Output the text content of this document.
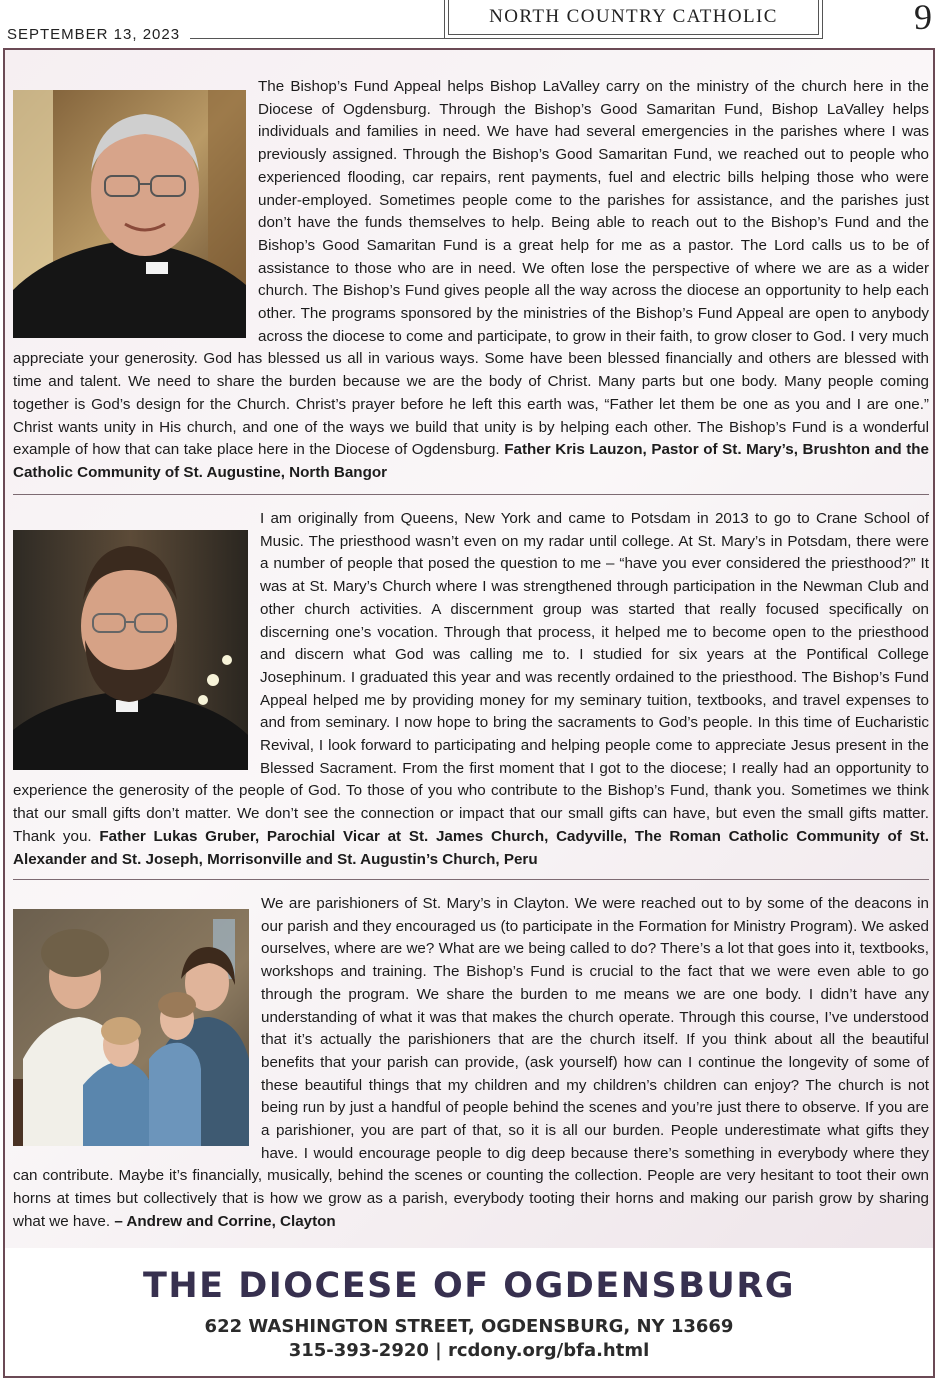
SEPTEMBER 13, 2023
NORTH COUNTRY CATHOLIC	9

The Bishop’s Fund Appeal helps Bishop LaValley carry on the ministry of the church here in the Diocese of Ogdensburg. Through the Bishop’s Good Samaritan Fund, Bishop LaValley helps individuals and families in need. We have had several emergencies in the parishes where I was previously assigned. Through the Bishop’s Good Samaritan Fund, we reached out to people who experienced flooding, car repairs, rent payments, fuel and electric bills helping those who were under-employed. Sometimes people come to the parishes for assistance, and the parishes just don’t have the funds themselves to help. Being able to reach out to the Bishop’s Fund and the Bishop’s Good Samaritan Fund is a great help for me as a pastor. The Lord calls us to be of assistance to those who are in need. We often lose the perspective of where we are as a wider church. The Bishop’s Fund gives people all the way across the diocese an opportunity to help each other. The programs sponsored by the ministries of the Bishop’s Fund Appeal are open to anybody across the diocese to come and participate, to grow in their faith, to grow closer to God. I very much appreciate your generosity. God has blessed us all in various ways. Some have been blessed financially and others are blessed with time and talent. We need to share the burden because we are the body of Christ. Many parts but one body. Many people coming together is God’s design for the Church. Christ’s prayer before he left this earth was, “Father let them be one as you and I are one.” Christ wants unity in His church, and one of the ways we build that unity is by helping each other. The Bishop’s Fund is a wonderful example of how that can take place here in the Diocese of Ogdensburg. Father Kris Lauzon, Pastor of St. Mary’s, Brushton and the Catholic Community of St. Augustine, North Bangor

I am originally from Queens, New York and came to Potsdam in 2013 to go to Crane School of Music. The priesthood wasn’t even on my radar until college. At St. Mary’s in Potsdam, there were a number of people that posed the question to me – “have you ever considered the priesthood?” It was at St. Mary’s Church where I was strengthened through participation in the Newman Club and other church activities. A discernment group was started that really focused specifically on discerning one’s vocation. Through that process, it helped me to become open to the priesthood and discern what God was calling me to. I studied for six years at the Pontifical College Josephinum. I graduated this year and was recently ordained to the priesthood. The Bishop’s Fund Appeal helped me by providing money for my seminary tuition, textbooks, and travel expenses to and from seminary. I now hope to bring the sacraments to God’s people. In this time of Eucharistic Revival, I look forward to participating and helping people come to appreciate Jesus present in the Blessed Sacrament. From the first moment that I got to the diocese; I really had an opportunity to experience the generosity of the people of God. To those of you who contribute to the Bishop’s Fund, thank you. Sometimes we think that our small gifts don’t matter. We don’t see the connection or impact that our small gifts can have, but even the small gifts matter. Thank you. Father Lukas Gruber, Parochial Vicar at St. James Church, Cadyville, The Roman Catholic Community of St. Alexander and St. Joseph, Morrisonville and St. Augustin’s Church, Peru

We are parishioners of St. Mary’s in Clayton. We were reached out to by some of the deacons in our parish and they encouraged us (to participate in the Formation for Ministry Program). We asked ourselves, where are we? What are we being called to do? There’s a lot that goes into it, textbooks, workshops and training. The Bishop’s Fund is crucial to the fact that we were even able to go through the program. We share the burden to me means we are one body. I didn’t have any understanding of what it was that makes the church operate. Through this course, I’ve understood that it’s actually the parishioners that are the church itself. If you think about all the beautiful benefits that your parish can provide, (ask yourself) how can I continue the longevity of some of these beautiful things that my children and my children’s children can enjoy? The church is not being run by just a handful of people behind the scenes and you’re just there to observe. If you are a parishioner, you are part of that, so it is all our burden. People underestimate what gifts they have. I would encourage people to dig deep because there’s something in everybody where they can contribute. Maybe it’s financially, musically, behind the scenes or counting the collection. People are very hesitant to toot their own horns at times but collectively that is how we grow as a parish, everybody tooting their horns and making our parish grow by sharing what we have. – Andrew and Corrine, Clayton

THE DIOCESE OF OGDENSBURG
622 WASHINGTON STREET, OGDENSBURG, NY 13669
315-393-2920 | rcdony.org/bfa.html
